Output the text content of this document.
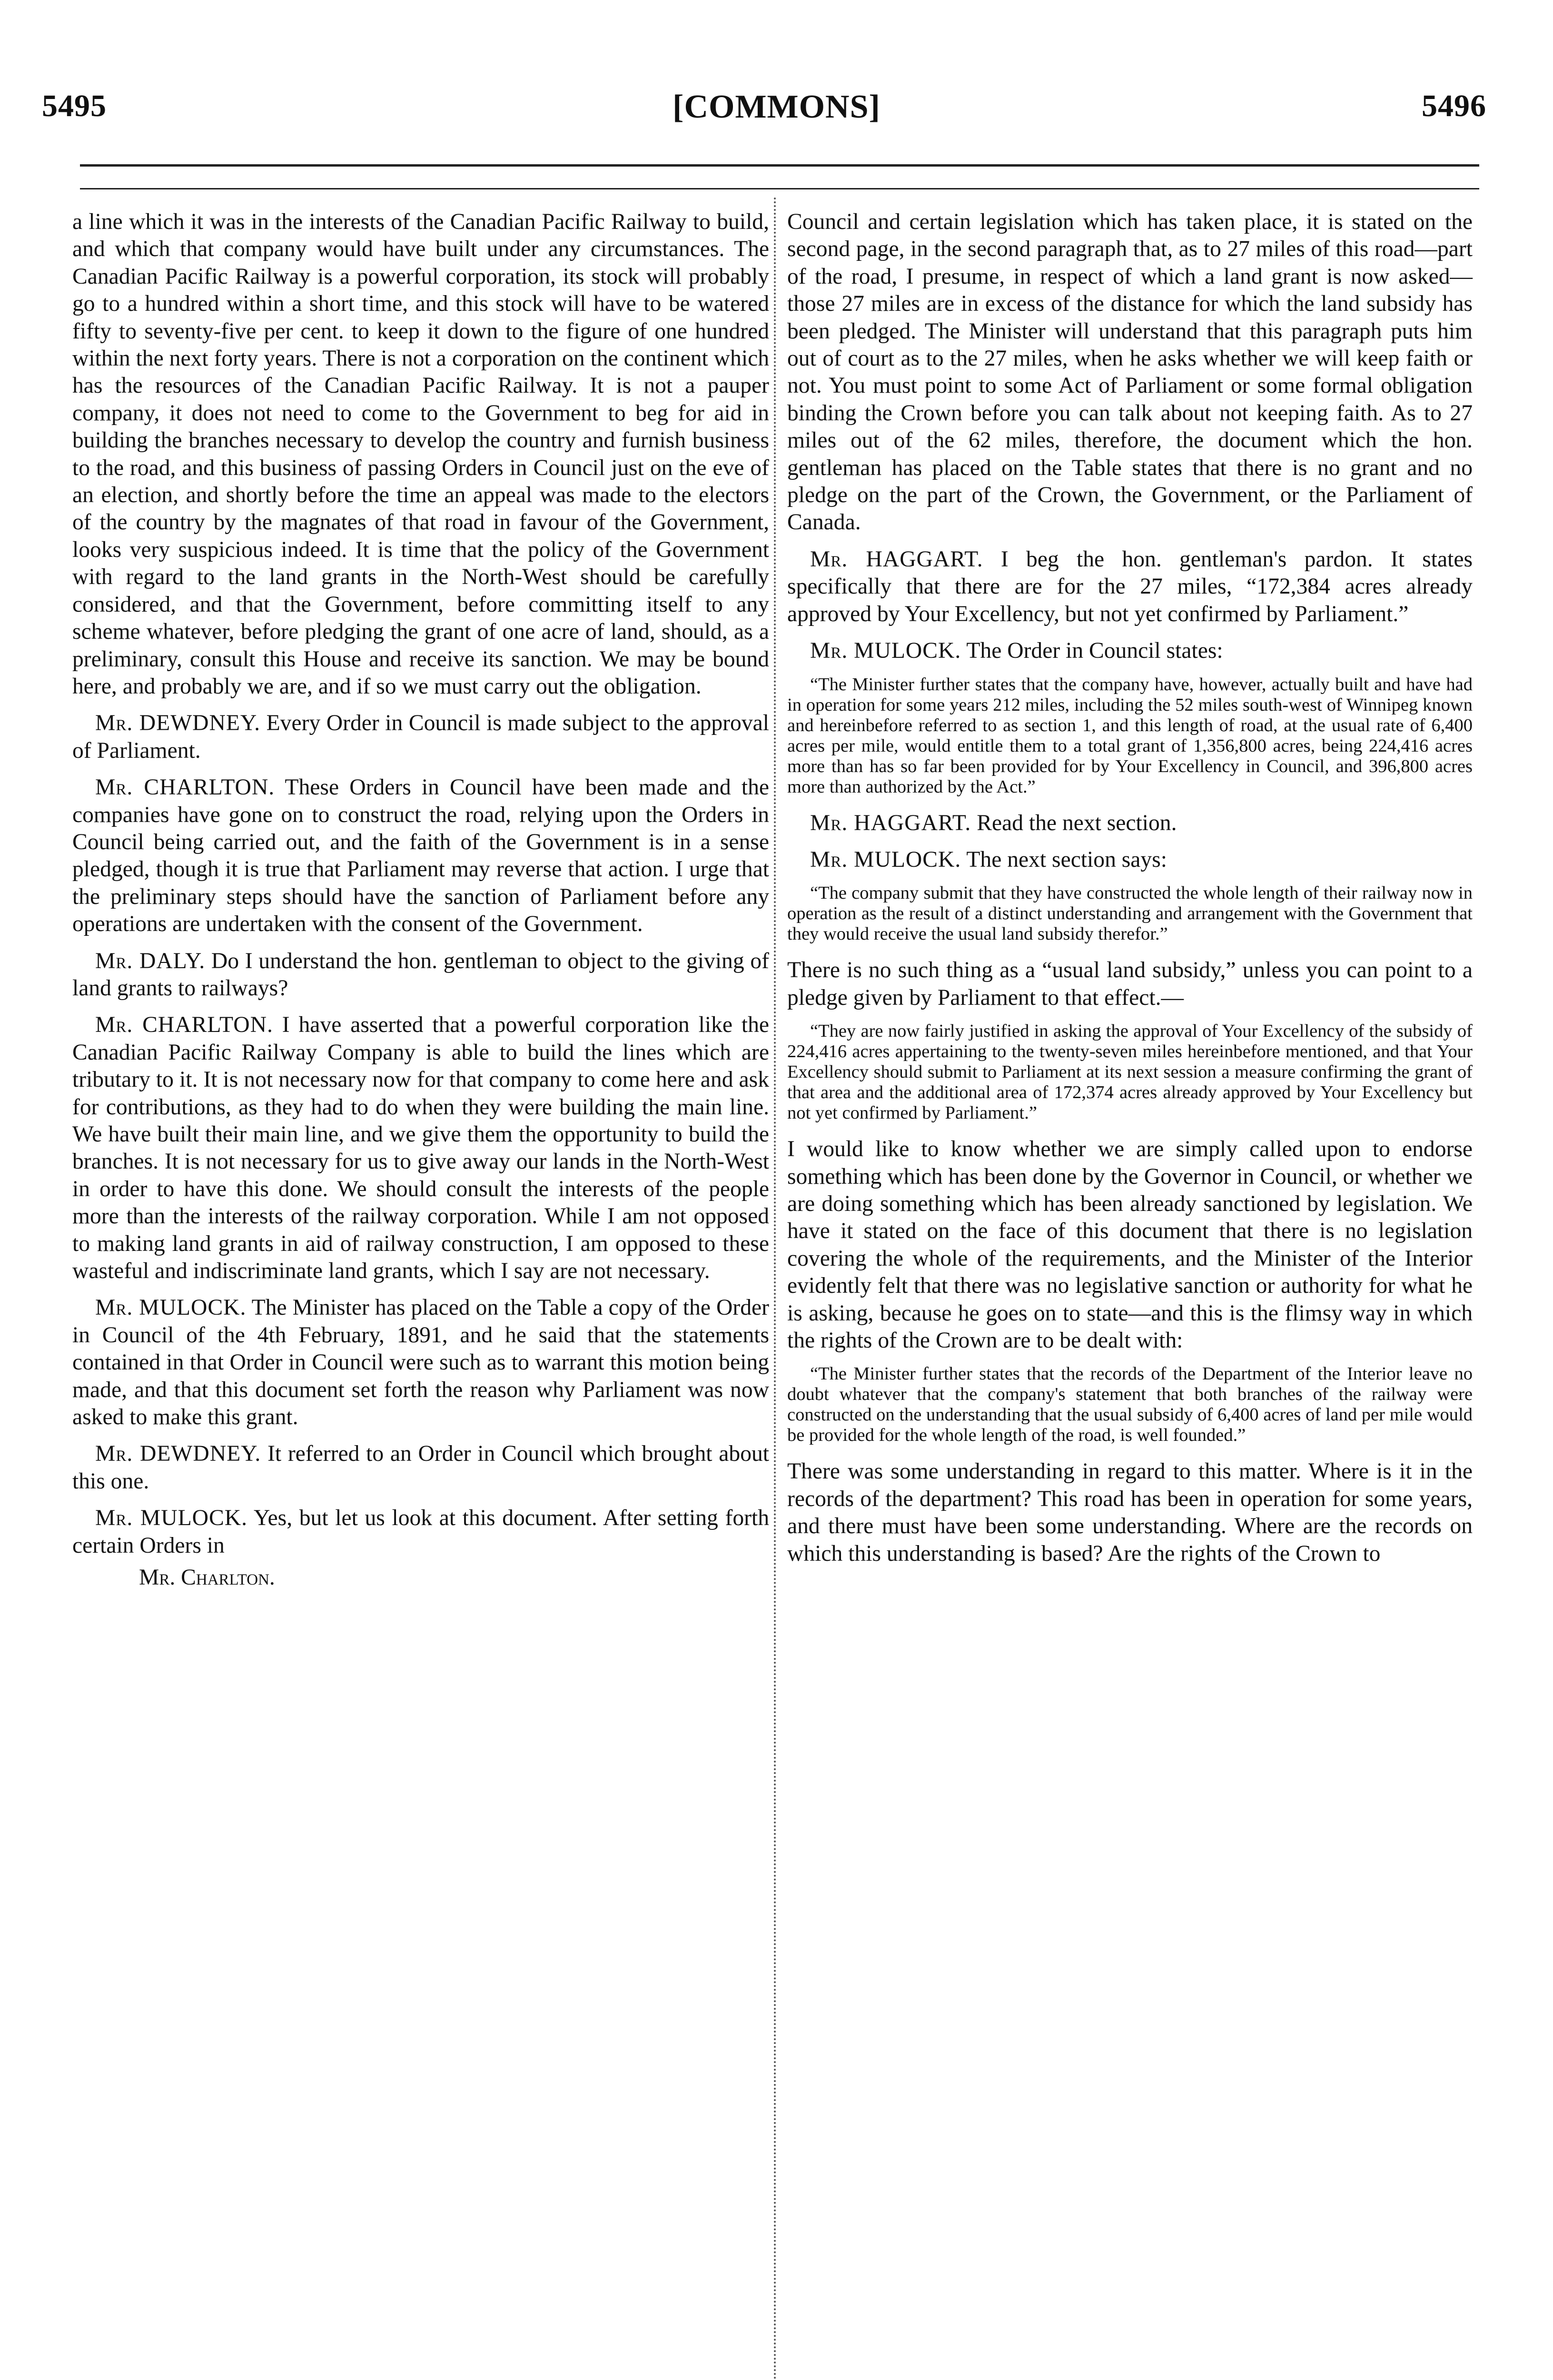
5495	[COMMONS]	5496

a line which it was in the interests of the Canadian Pacific Railway to build, and which that company would have built under any circumstances. The Canadian Pacific Railway is a powerful corporation, its stock will probably go to a hundred within a short time, and this stock will have to be watered fifty to seventy-five per cent. to keep it down to the figure of one hundred within the next forty years. There is not a corporation on the continent which has the resources of the Canadian Pacific Railway. It is not a pauper company, it does not need to come to the Government to beg for aid in building the branches necessary to develop the country and furnish business to the road, and this business of passing Orders in Council just on the eve of an election, and shortly before the time an appeal was made to the electors of the country by the magnates of that road in favour of the Government, looks very suspicious indeed. It is time that the policy of the Government with regard to the land grants in the North-West should be carefully considered, and that the Government, before committing itself to any scheme whatever, before pledging the grant of one acre of land, should, as a preliminary, consult this House and receive its sanction. We may be bound here, and probably we are, and if so we must carry out the obligation.

Mr. DEWDNEY. Every Order in Council is made subject to the approval of Parliament.

Mr. CHARLTON. These Orders in Council have been made and the companies have gone on to construct the road, relying upon the Orders in Council being carried out, and the faith of the Government is in a sense pledged, though it is true that Parliament may reverse that action. I urge that the preliminary steps should have the sanction of Parliament before any operations are undertaken with the consent of the Government.

Mr. DALY. Do I understand the hon. gentleman to object to the giving of land grants to railways?

Mr. CHARLTON. I have asserted that a powerful corporation like the Canadian Pacific Railway Company is able to build the lines which are tributary to it. It is not necessary now for that company to come here and ask for contributions, as they had to do when they were building the main line. We have built their main line, and we give them the opportunity to build the branches. It is not necessary for us to give away our lands in the North-West in order to have this done. We should consult the interests of the people more than the interests of the railway corporation. While I am not opposed to making land grants in aid of railway construction, I am opposed to these wasteful and indiscriminate land grants, which I say are not necessary.

Mr. MULOCK. The Minister has placed on the Table a copy of the Order in Council of the 4th February, 1891, and he said that the statements contained in that Order in Council were such as to warrant this motion being made, and that this document set forth the reason why Parliament was now asked to make this grant.

Mr. DEWDNEY. It referred to an Order in Council which brought about this one.

Mr. MULOCK. Yes, but let us look at this document. After setting forth certain Orders in

Mr. Charlton.

Council and certain legislation which has taken place, it is stated on the second page, in the second paragraph that, as to 27 miles of this road—part of the road, I presume, in respect of which a land grant is now asked—those 27 miles are in excess of the distance for which the land subsidy has been pledged. The Minister will understand that this paragraph puts him out of court as to the 27 miles, when he asks whether we will keep faith or not. You must point to some Act of Parliament or some formal obligation binding the Crown before you can talk about not keeping faith. As to 27 miles out of the 62 miles, therefore, the document which the hon. gentleman has placed on the Table states that there is no grant and no pledge on the part of the Crown, the Government, or the Parliament of Canada.

Mr. HAGGART. I beg the hon. gentleman's pardon. It states specifically that there are for the 27 miles, “172,384 acres already approved by Your Excellency, but not yet confirmed by Parliament.”

Mr. MULOCK. The Order in Council states:

“The Minister further states that the company have, however, actually built and have had in operation for some years 212 miles, including the 52 miles south-west of Winnipeg known and hereinbefore referred to as section 1, and this length of road, at the usual rate of 6,400 acres per mile, would entitle them to a total grant of 1,356,800 acres, being 224,416 acres more than has so far been provided for by Your Excellency in Council, and 396,800 acres more than authorized by the Act.”

Mr. HAGGART. Read the next section.

Mr. MULOCK. The next section says:

“The company submit that they have constructed the whole length of their railway now in operation as the result of a distinct understanding and arrangement with the Government that they would receive the usual land subsidy therefor.”

There is no such thing as a “usual land subsidy,” unless you can point to a pledge given by Parliament to that effect.—

“They are now fairly justified in asking the approval of Your Excellency of the subsidy of 224,416 acres appertaining to the twenty-seven miles hereinbefore mentioned, and that Your Excellency should submit to Parliament at its next session a measure confirming the grant of that area and the additional area of 172,374 acres already approved by Your Excellency but not yet confirmed by Parliament.”

I would like to know whether we are simply called upon to endorse something which has been done by the Governor in Council, or whether we are doing something which has been already sanctioned by legislation. We have it stated on the face of this document that there is no legislation covering the whole of the requirements, and the Minister of the Interior evidently felt that there was no legislative sanction or authority for what he is asking, because he goes on to state—and this is the flimsy way in which the rights of the Crown are to be dealt with:

“The Minister further states that the records of the Department of the Interior leave no doubt whatever that the company's statement that both branches of the railway were constructed on the understanding that the usual subsidy of 6,400 acres of land per mile would be provided for the whole length of the road, is well founded.”

There was some understanding in regard to this matter. Where is it in the records of the department? This road has been in operation for some years, and there must have been some understanding. Where are the records on which this understanding is based? Are the rights of the Crown to
